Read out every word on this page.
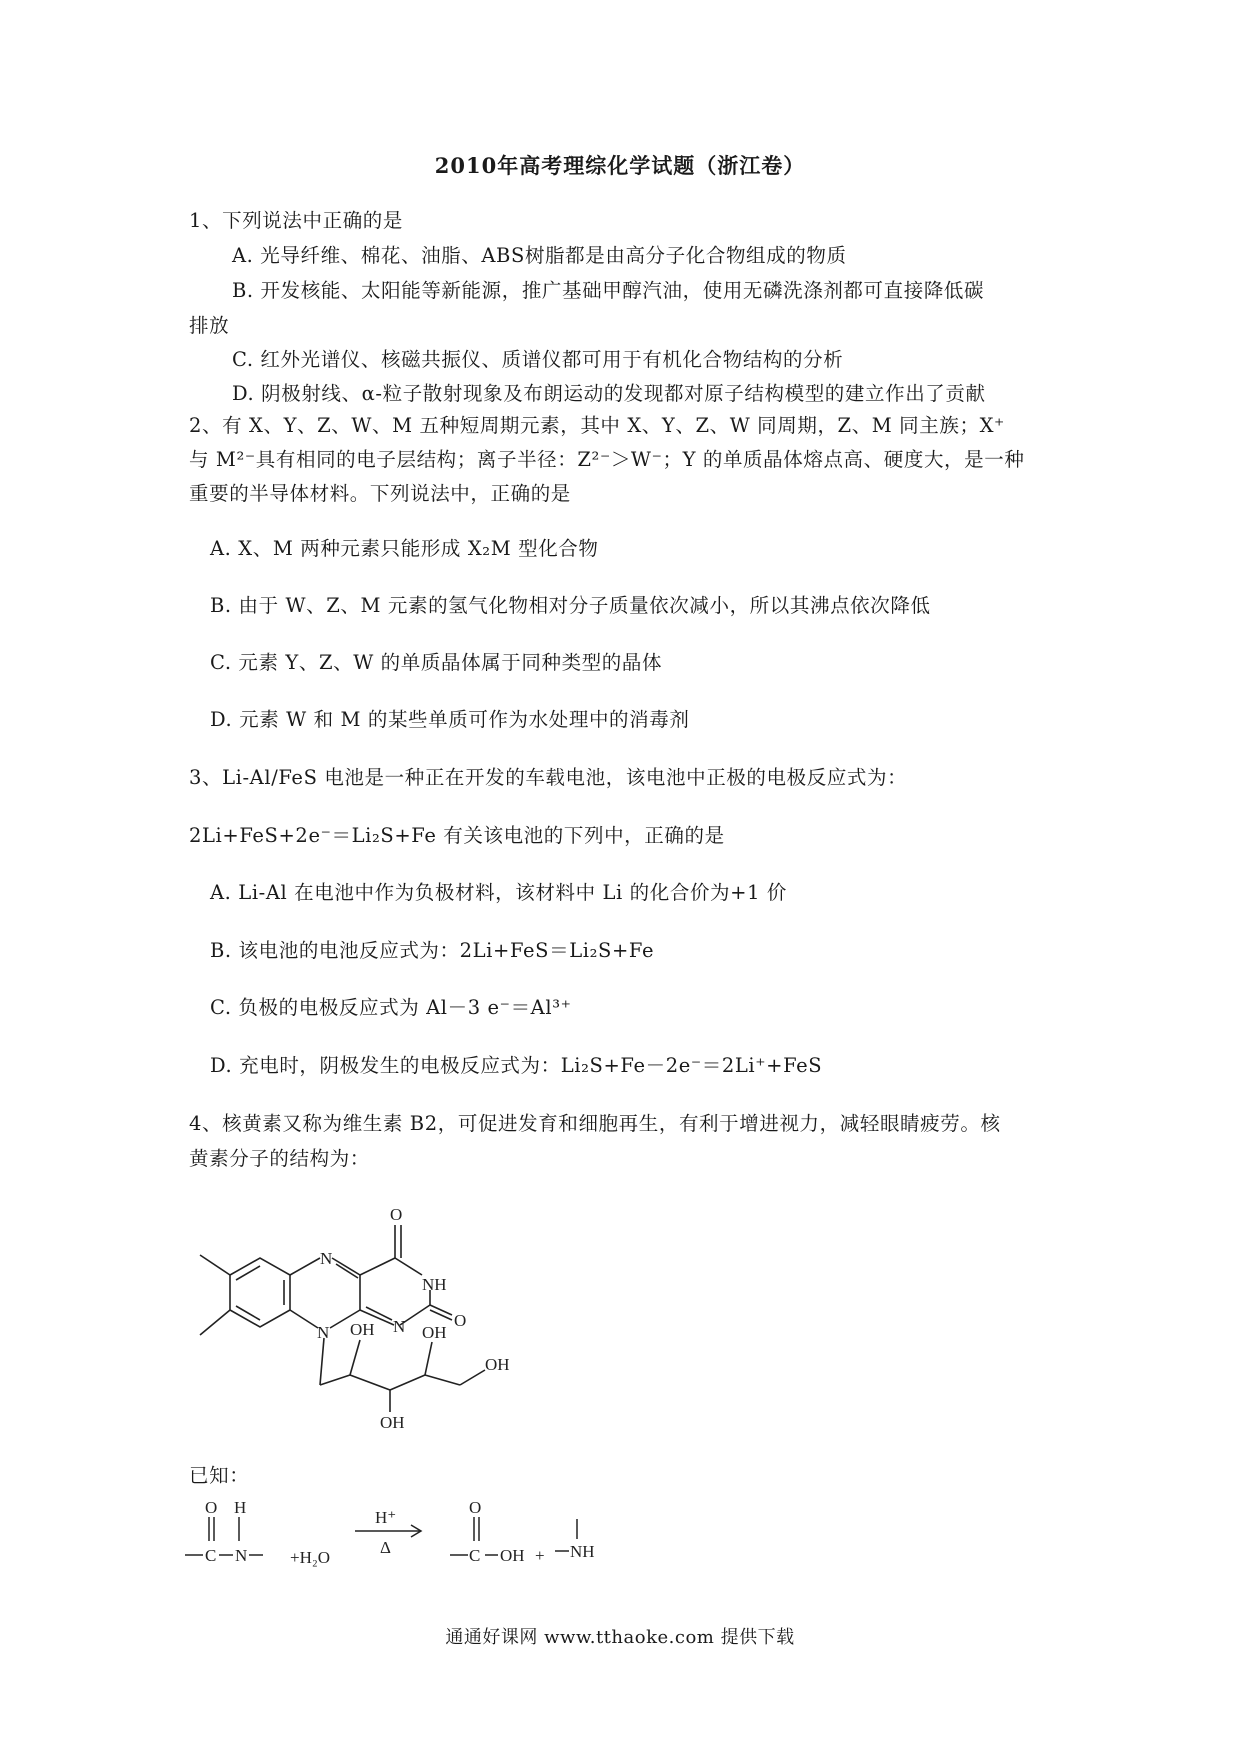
2010年高考理综化学试题（浙江卷）
1、下列说法中正确的是
A. 光导纤维、棉花、油脂、ABS树脂都是由高分子化合物组成的物质
B. 开发核能、太阳能等新能源，推广基础甲醇汽油，使用无磷洗涤剂都可直接降低碳
排放
C. 红外光谱仪、核磁共振仪、质谱仪都可用于有机化合物结构的分析
D. 阴极射线、α-粒子散射现象及布朗运动的发现都对原子结构模型的建立作出了贡献
2、有 X、Y、Z、W、M 五种短周期元素，其中 X、Y、Z、W 同周期，Z、M 同主族；X⁺
与 M²⁻具有相同的电子层结构；离子半径：Z²⁻＞W⁻；Y 的单质晶体熔点高、硬度大，是一种
重要的半导体材料。下列说法中，正确的是
A. X、M 两种元素只能形成 X₂M 型化合物
B. 由于 W、Z、M 元素的氢气化物相对分子质量依次减小，所以其沸点依次降低
C. 元素 Y、Z、W 的单质晶体属于同种类型的晶体
D. 元素 W 和 M 的某些单质可作为水处理中的消毒剂
3、Li-Al/FeS 电池是一种正在开发的车载电池，该电池中正极的电极反应式为：
2Li+FeS+2e⁻＝Li₂S+Fe 有关该电池的下列中，正确的是
A. Li-Al 在电池中作为负极材料，该材料中 Li 的化合价为+1 价
B. 该电池的电池反应式为：2Li+FeS＝Li₂S+Fe
C. 负极的电极反应式为 Al－3 e⁻＝Al³⁺
D. 充电时，阴极发生的电极反应式为：Li₂S+Fe－2e⁻＝2Li⁺+FeS
4、核黄素又称为维生素 B2，可促进发育和细胞再生，有利于增进视力，减轻眼睛疲劳。核
黄素分子的结构为：
N
N	N
NH
O
O
OH	OH
OH
OH
已知：
O H
C N	+H₂O
H⁺
Δ
O
C OH + NH
通通好课网 www.tthaoke.com 提供下载
